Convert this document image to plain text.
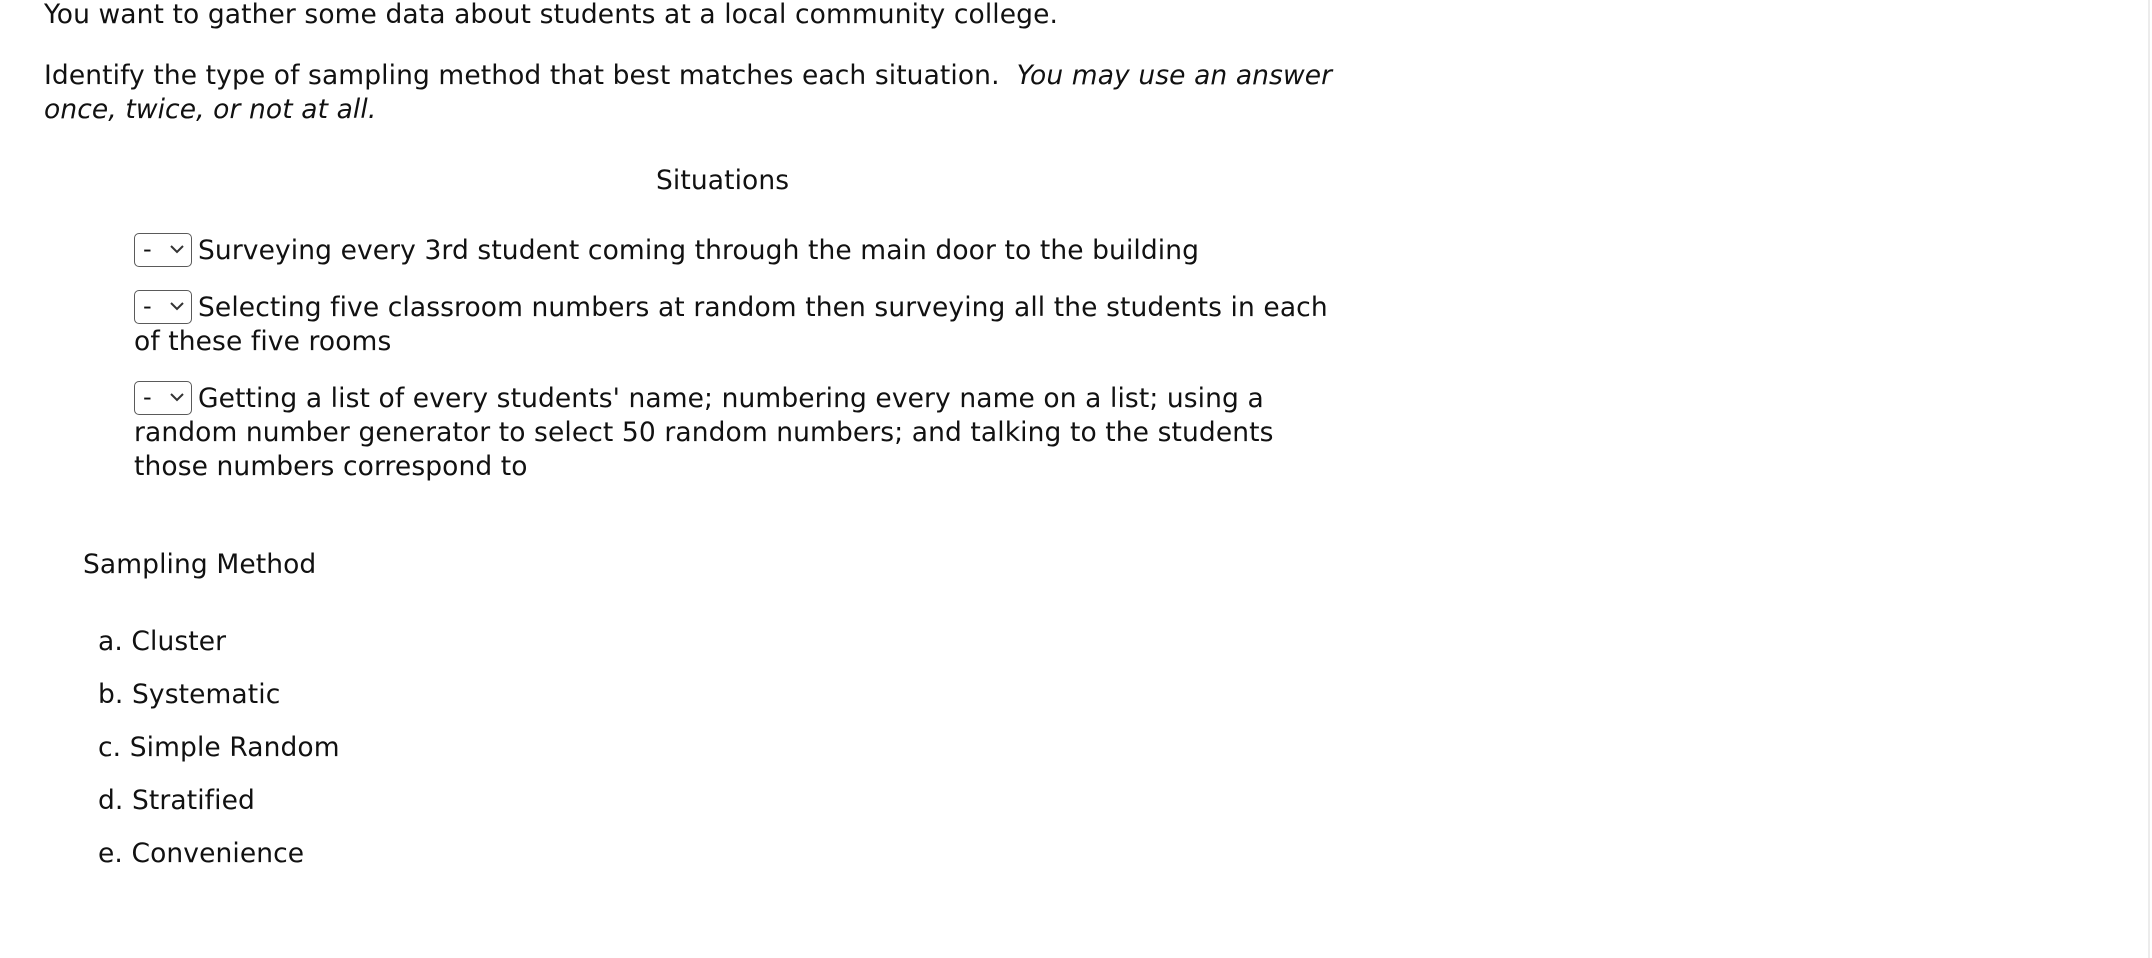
You want to gather some data about students at a local community college.

Identify the type of sampling method that best matches each situation. You may use an answer once, twice, or not at all.

Situations

- Surveying every 3rd student coming through the main door to the building

- Selecting five classroom numbers at random then surveying all the students in each of these five rooms

- Getting a list of every students' name; numbering every name on a list; using a random number generator to select 50 random numbers; and talking to the students those numbers correspond to

Sampling Method
a. Cluster
b. Systematic
c. Simple Random
d. Stratified
e. Convenience
